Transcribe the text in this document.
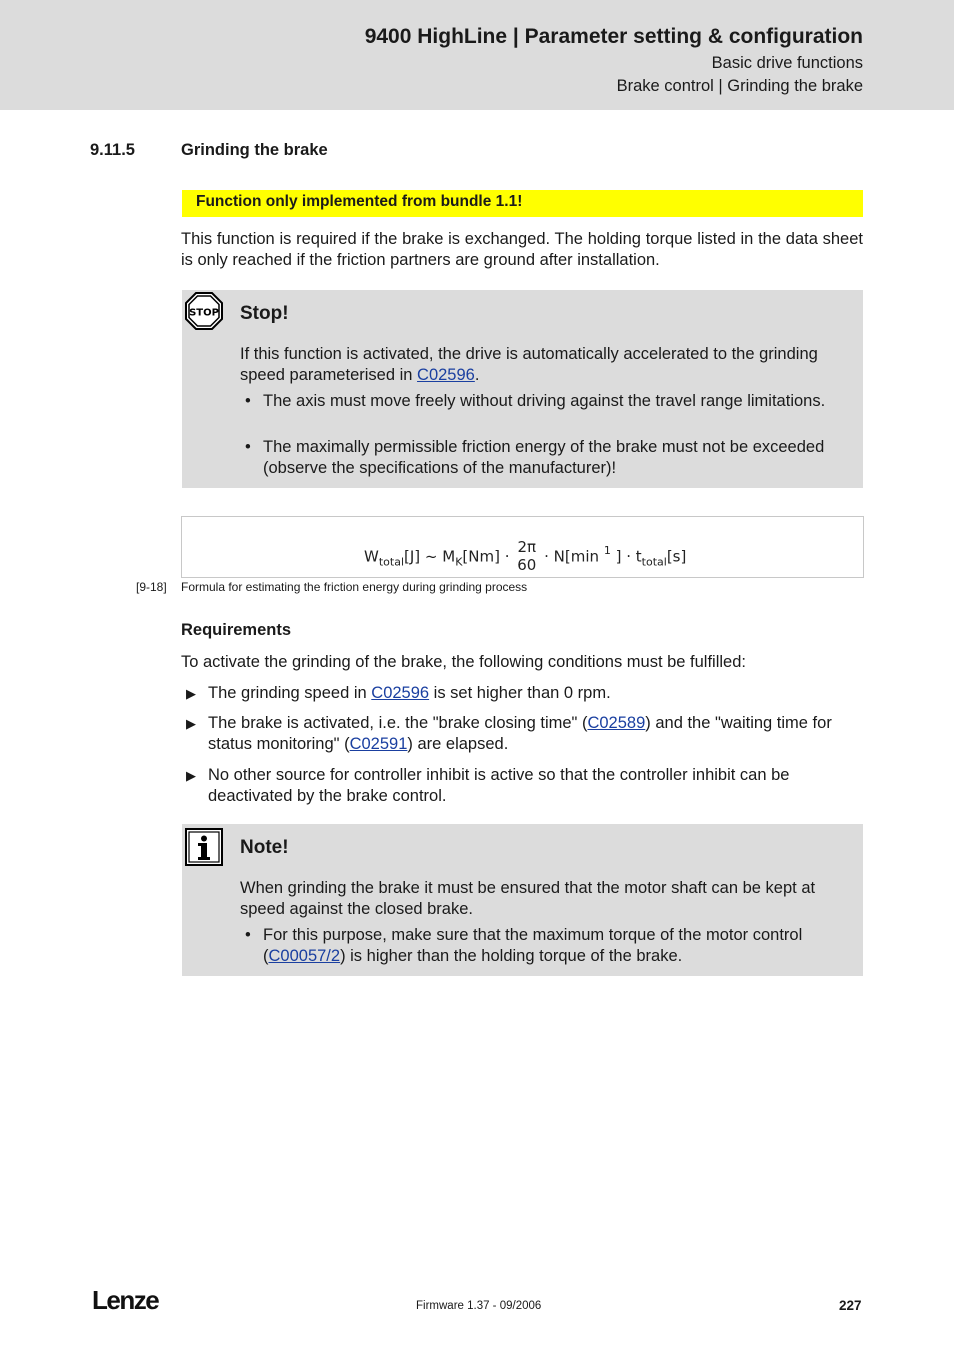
9400 HighLine | Parameter setting & configuration
Basic drive functions
Brake control | Grinding the brake
9.11.5	Grinding the brake
Function only implemented from bundle 1.1!
This function is required if the brake is exchanged. The holding torque listed in the data sheet is only reached if the friction partners are ground after installation.
STOP Stop!
If this function is activated, the drive is automatically accelerated to the grinding speed parameterised in C02596.
• The axis must move freely without driving against the travel range limitations.
• The maximally permissible friction energy of the brake must not be exceeded (observe the specifications of the manufacturer)!
$W_{total}[J]$ ~ $M_K[Nm]$ ·
2π
60 · N[min $^1$ ] · $t_{total}[s]$
[9-18] Formula for estimating the friction energy during grinding process
Requirements
To activate the grinding of the brake, the following conditions must be fulfilled:
▶ The grinding speed in C02596 is set higher than 0 rpm.
▶ The brake is activated, i.e. the "brake closing time" (C02589) and the "waiting time for status monitoring" (C02591) are elapsed.
▶ No other source for controller inhibit is active so that the controller inhibit can be deactivated by the brake control.
Note!
When grinding the brake it must be ensured that the motor shaft can be kept at speed against the closed brake.
• For this purpose, make sure that the maximum torque of the motor control (C00057/2) is higher than the holding torque of the brake.
Lenze	Firmware 1.37 - 09/2006	227
